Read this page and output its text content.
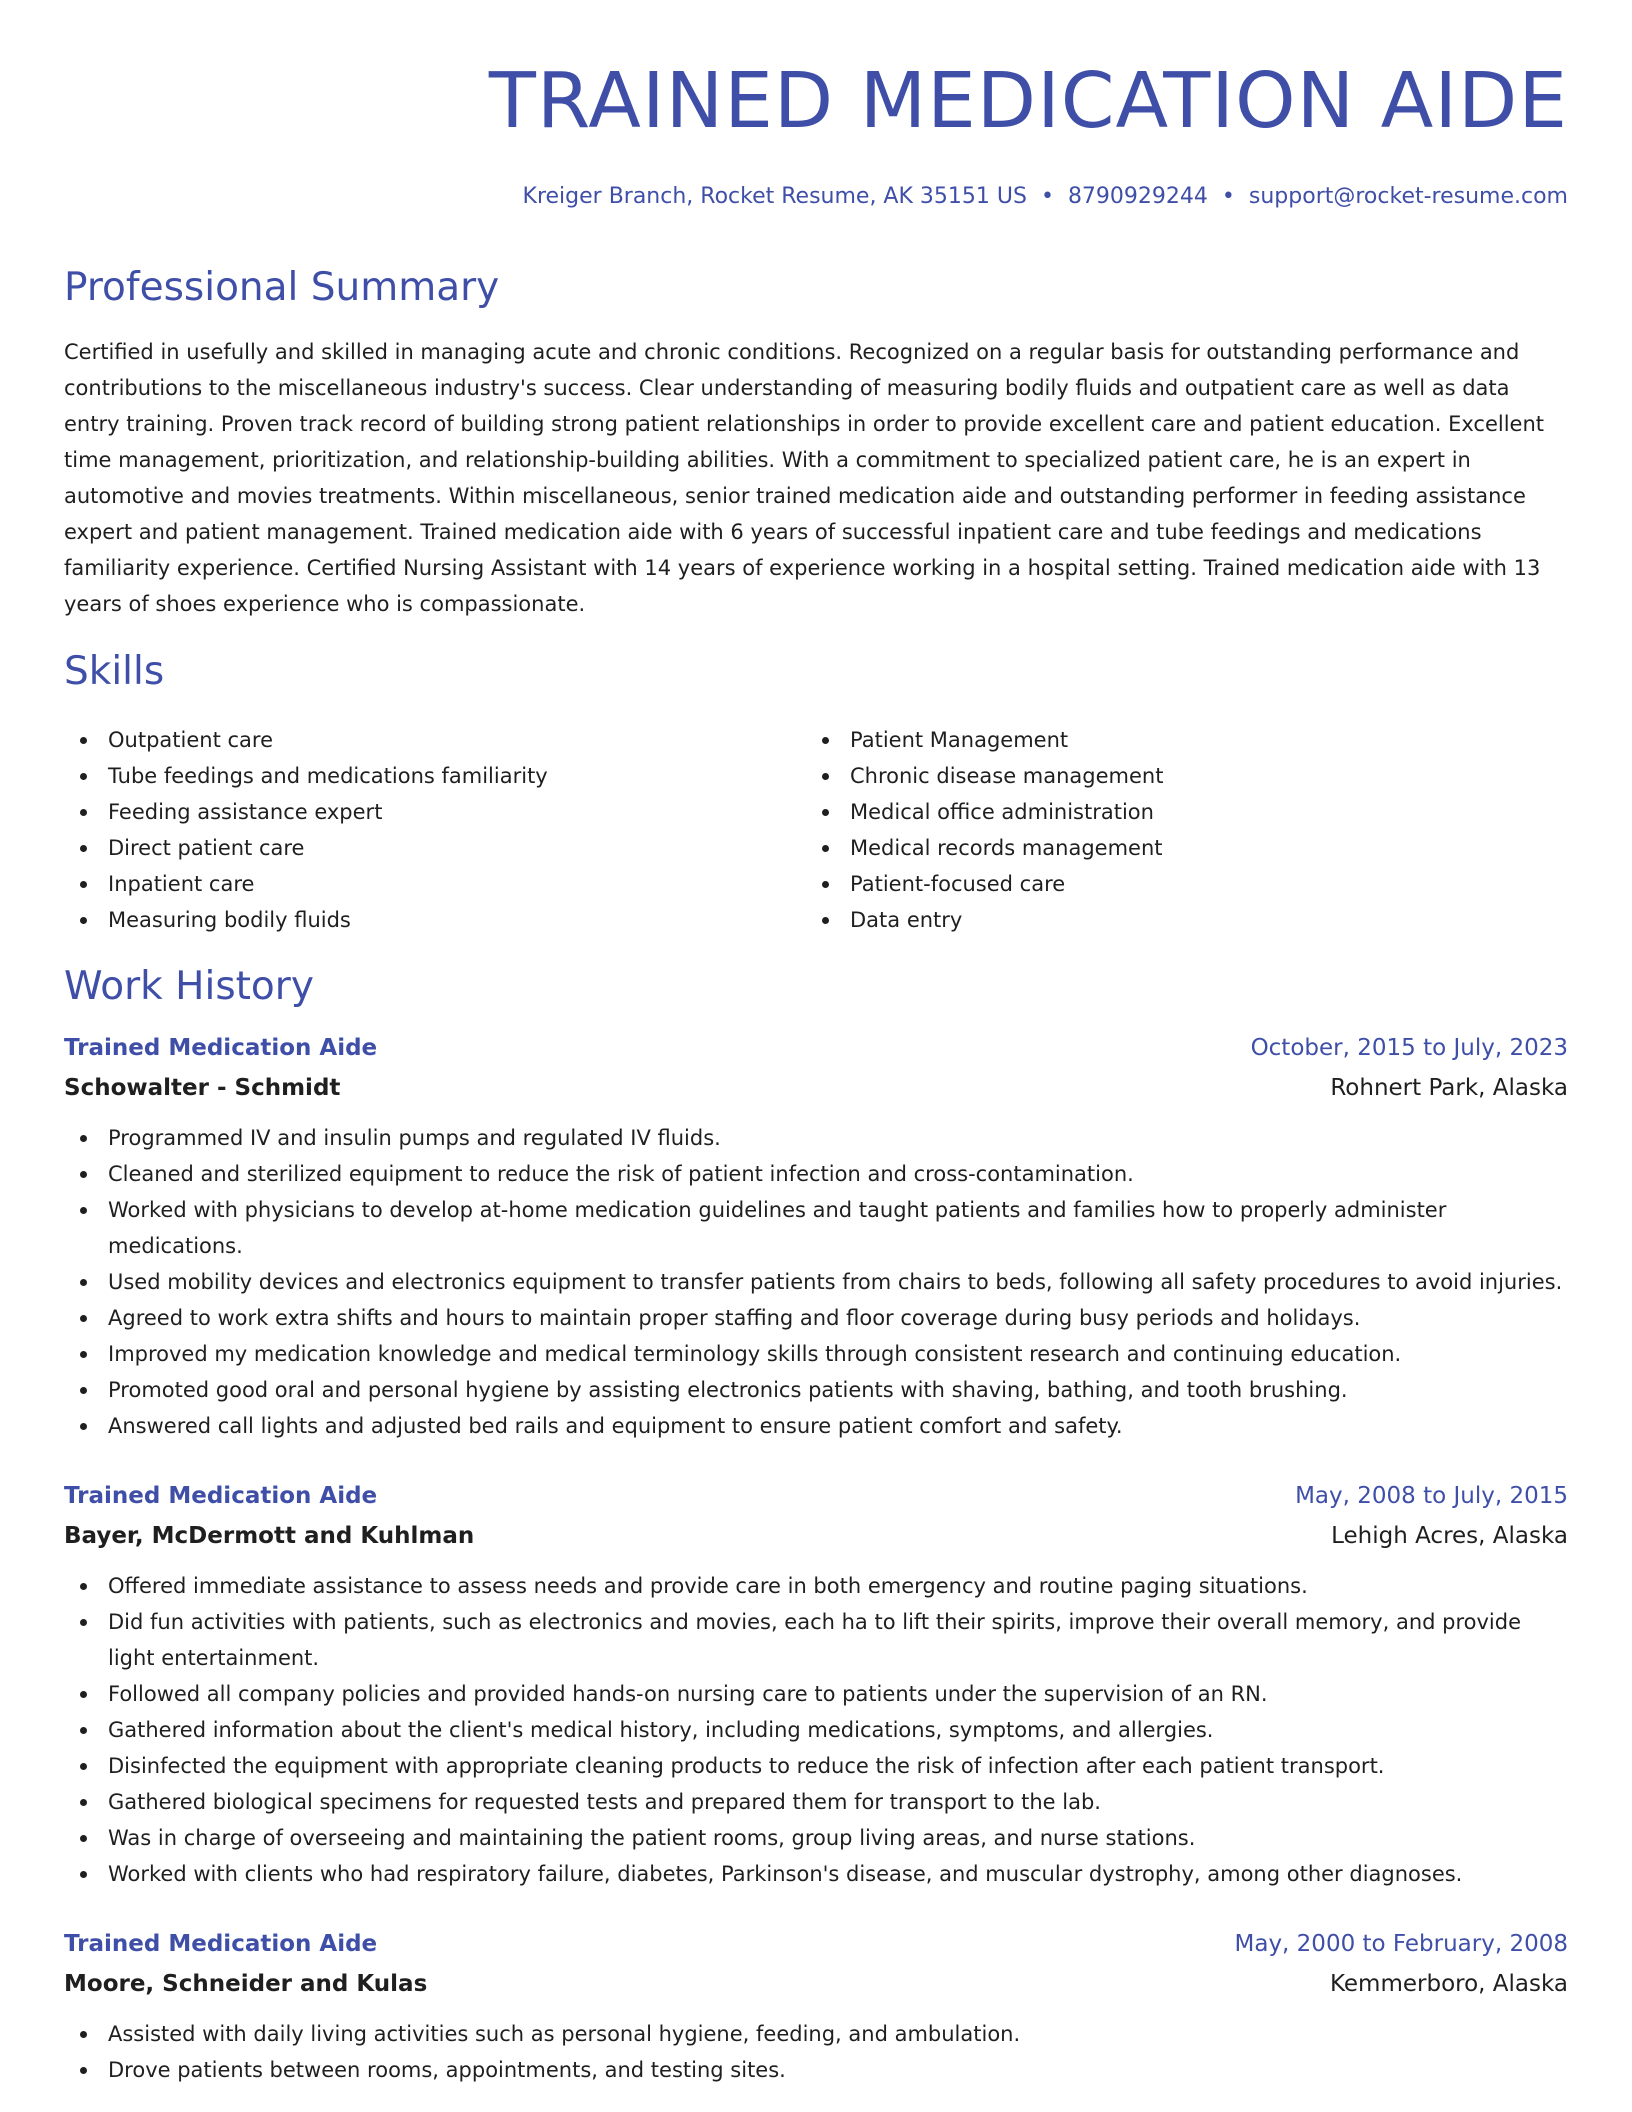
TRAINED MEDICATION AIDE
Kreiger Branch, Rocket Resume, AK 35151 US • 8790929244 • support@rocket-resume.com
Professional Summary

Certified in usefully and skilled in managing acute and chronic conditions. Recognized on a regular basis for outstanding performance and contributions to the miscellaneous industry's success. Clear understanding of measuring bodily fluids and outpatient care as well as data entry training. Proven track record of building strong patient relationships in order to provide excellent care and patient education. Excellent time management, prioritization, and relationship-building abilities. With a commitment to specialized patient care, he is an expert in automotive and movies treatments. Within miscellaneous, senior trained medication aide and outstanding performer in feeding assistance expert and patient management. Trained medication aide with 6 years of successful inpatient care and tube feedings and medications familiarity experience. Certified Nursing Assistant with 14 years of experience working in a hospital setting. Trained medication aide with 13 years of shoes experience who is compassionate.

Skills
Outpatient care
Tube feedings and medications familiarity
Feeding assistance expert
Direct patient care
Inpatient care
Measuring bodily fluids
Patient Management
Chronic disease management
Medical office administration
Medical records management
Patient-focused care
Data entry
Work History
Trained Medication Aide	October, 2015 to July, 2023
Schowalter - Schmidt	Rohnert Park, Alaska
Programmed IV and insulin pumps and regulated IV fluids.
Cleaned and sterilized equipment to reduce the risk of patient infection and cross-contamination.
Worked with physicians to develop at-home medication guidelines and taught patients and families how to properly administer medications.
Used mobility devices and electronics equipment to transfer patients from chairs to beds, following all safety procedures to avoid injuries.
Agreed to work extra shifts and hours to maintain proper staffing and floor coverage during busy periods and holidays.
Improved my medication knowledge and medical terminology skills through consistent research and continuing education.
Promoted good oral and personal hygiene by assisting electronics patients with shaving, bathing, and tooth brushing.
Answered call lights and adjusted bed rails and equipment to ensure patient comfort and safety.
Trained Medication Aide	May, 2008 to July, 2015
Bayer, McDermott and Kuhlman	Lehigh Acres, Alaska
Offered immediate assistance to assess needs and provide care in both emergency and routine paging situations.
Did fun activities with patients, such as electronics and movies, each ha to lift their spirits, improve their overall memory, and provide light entertainment.
Followed all company policies and provided hands-on nursing care to patients under the supervision of an RN.
Gathered information about the client's medical history, including medications, symptoms, and allergies.
Disinfected the equipment with appropriate cleaning products to reduce the risk of infection after each patient transport.
Gathered biological specimens for requested tests and prepared them for transport to the lab.
Was in charge of overseeing and maintaining the patient rooms, group living areas, and nurse stations.
Worked with clients who had respiratory failure, diabetes, Parkinson's disease, and muscular dystrophy, among other diagnoses.
Trained Medication Aide	May, 2000 to February, 2008
Moore, Schneider and Kulas	Kemmerboro, Alaska
Assisted with daily living activities such as personal hygiene, feeding, and ambulation.
Drove patients between rooms, appointments, and testing sites.
